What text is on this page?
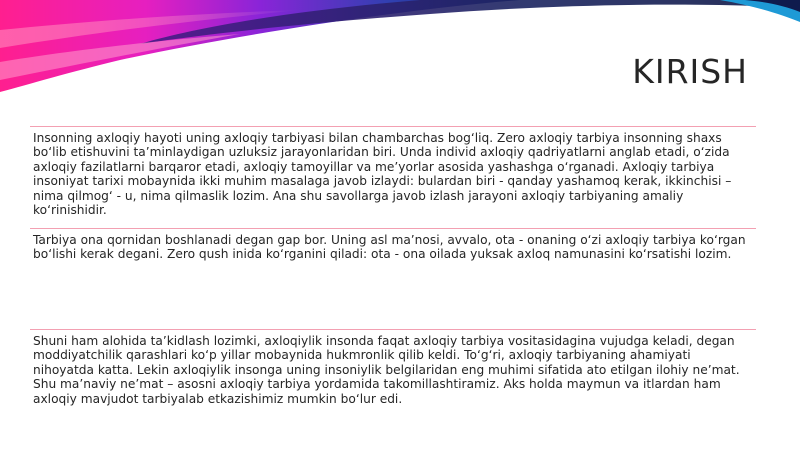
KIRISH

Insonning axloqiy hayoti uning axloqiy tarbiyasi bilan chambarchas bog‘liq. Zero axloqiy tarbiya insonning shaxs bo‘lib etishuvini ta’minlaydigan uzluksiz jarayonlaridan biri. Unda individ axloqiy qadriyatlarni anglab etadi, o‘zida axloqiy fazilatlarni barqaror etadi, axloqiy tamoyillar va me’yorlar asosida yashashga o‘rganadi. Axloqiy tarbiya insoniyat tarixi mobaynida ikki muhim masalaga javob izlaydi: bulardan biri - qanday yashamoq kerak, ikkinchisi – nima qilmog‘ - u, nima qilmaslik lozim. Ana shu savollarga javob izlash jarayoni axloqiy tarbiyaning amaliy ko‘rinishidir.

Tarbiya ona qornidan boshlanadi degan gap bor. Uning asl ma’nosi, avvalo, ota - onaning o‘zi axloqiy tarbiya ko‘rgan bo‘lishi kerak degani. Zero qush inida ko‘rganini qiladi: ota - ona oilada yuksak axloq namunasini ko‘rsatishi lozim.

Shuni ham alohida ta’kidlash lozimki, axloqiylik insonda faqat axloqiy tarbiya vositasidagina vujudga keladi, degan moddiyatchilik qarashlari ko‘p yillar mobaynida hukmronlik qilib keldi. To‘g‘ri, axloqiy tarbiyaning ahamiyati nihoyatda katta. Lekin axloqiylik insonga uning insoniylik belgilaridan eng muhimi sifatida ato etilgan ilohiy ne’mat. Shu ma’naviy ne’mat – asosni axloqiy tarbiya yordamida takomillashtiramiz. Aks holda maymun va itlardan ham axloqiy mavjudot tarbiyalab etkazishimiz mumkin bo‘lur edi.
